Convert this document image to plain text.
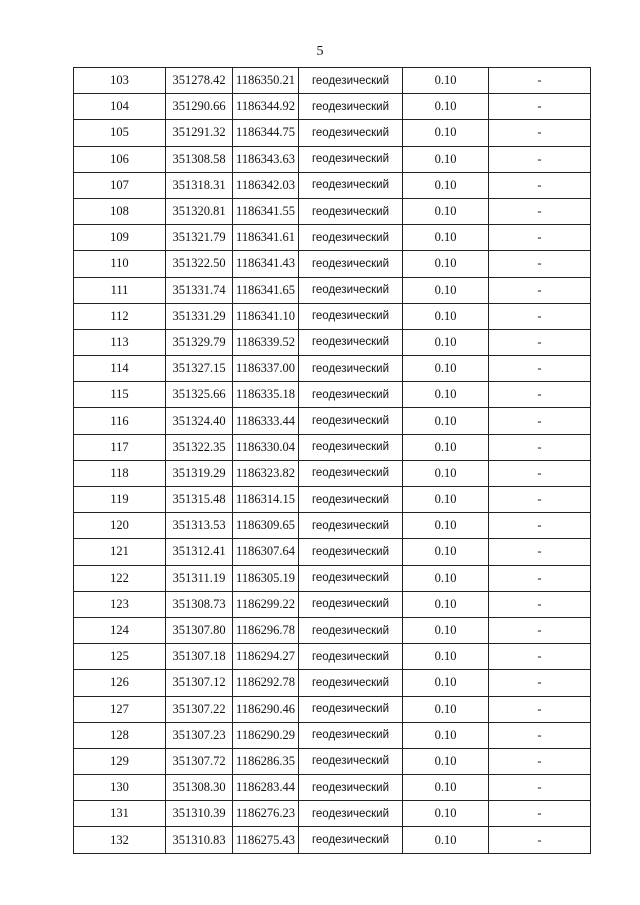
5
103	351278.42	1186350.21	геодезический	0.10	-
104	351290.66	1186344.92	геодезический	0.10	-
105	351291.32	1186344.75	геодезический	0.10	-
106	351308.58	1186343.63	геодезический	0.10	-
107	351318.31	1186342.03	геодезический	0.10	-
108	351320.81	1186341.55	геодезический	0.10	-
109	351321.79	1186341.61	геодезический	0.10	-
110	351322.50	1186341.43	геодезический	0.10	-
111	351331.74	1186341.65	геодезический	0.10	-
112	351331.29	1186341.10	геодезический	0.10	-
113	351329.79	1186339.52	геодезический	0.10	-
114	351327.15	1186337.00	геодезический	0.10	-
115	351325.66	1186335.18	геодезический	0.10	-
116	351324.40	1186333.44	геодезический	0.10	-
117	351322.35	1186330.04	геодезический	0.10	-
118	351319.29	1186323.82	геодезический	0.10	-
119	351315.48	1186314.15	геодезический	0.10	-
120	351313.53	1186309.65	геодезический	0.10	-
121	351312.41	1186307.64	геодезический	0.10	-
122	351311.19	1186305.19	геодезический	0.10	-
123	351308.73	1186299.22	геодезический	0.10	-
124	351307.80	1186296.78	геодезический	0.10	-
125	351307.18	1186294.27	геодезический	0.10	-
126	351307.12	1186292.78	геодезический	0.10	-
127	351307.22	1186290.46	геодезический	0.10	-
128	351307.23	1186290.29	геодезический	0.10	-
129	351307.72	1186286.35	геодезический	0.10	-
130	351308.30	1186283.44	геодезический	0.10	-
131	351310.39	1186276.23	геодезический	0.10	-
132	351310.83	1186275.43	геодезический	0.10	-
